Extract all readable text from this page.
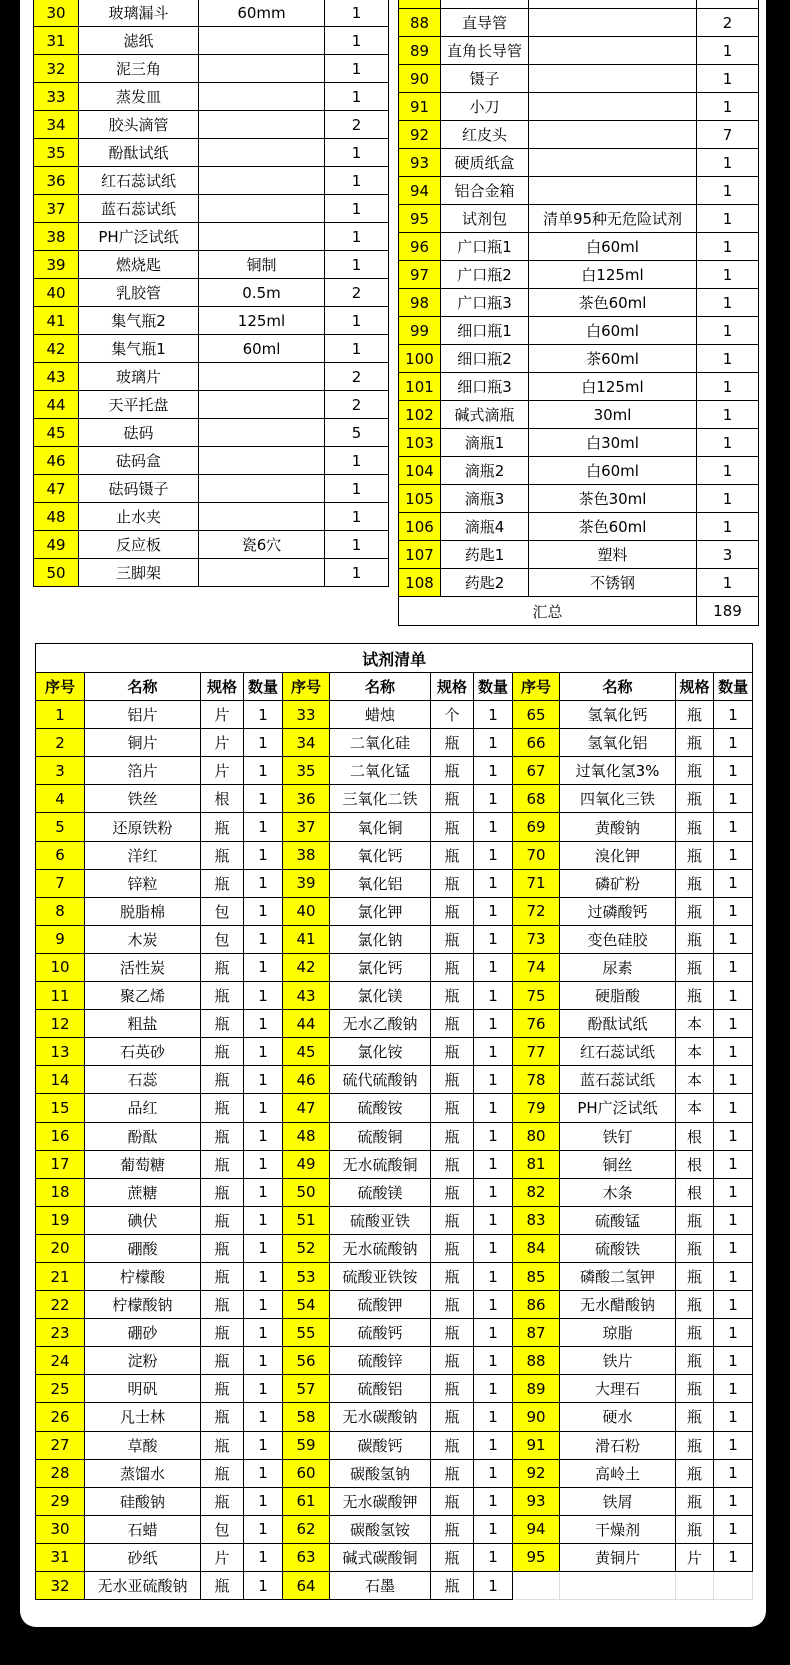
30	玻璃漏斗	60mm	1
31	滤纸		1
32	泥三角		1
33	蒸发皿		1
34	胶头滴管		2
35	酚酞试纸		1
36	红石蕊试纸		1
37	蓝石蕊试纸		1
38	PH广泛试纸		1
39	燃烧匙	铜制	1
40	乳胶管	0.5m	2
41	集气瓶2	125ml	1
42	集气瓶1	60ml	1
43	玻璃片		2
44	天平托盘		2
45	砝码		5
46	砝码盒		1
47	砝码镊子		1
48	止水夹		1
49	反应板	瓷6穴	1
50	三脚架		1

88	直导管		2
89	直角长导管		1
90	镊子		1
91	小刀		1
92	红皮头		7
93	硬质纸盒		1
94	铝合金箱		1
95	试剂包	清单95种无危险试剂	1
96	广口瓶1	白60ml	1
97	广口瓶2	白125ml	1
98	广口瓶3	茶色60ml	1
99	细口瓶1	白60ml	1
100	细口瓶2	茶60ml	1
101	细口瓶3	白125ml	1
102	碱式滴瓶	30ml	1
103	滴瓶1	白30ml	1
104	滴瓶2	白60ml	1
105	滴瓶3	茶色30ml	1
106	滴瓶4	茶色60ml	1
107	药匙1	塑料	3
108	药匙2	不锈钢	1
汇总			189
试剂清单											
序号	名称	规格	数量	序号	名称	规格	数量	序号	名称	规格	数量
1	铝片	片	1	33	蜡烛	个	1	65	氢氧化钙	瓶	1
2	铜片	片	1	34	二氧化硅	瓶	1	66	氢氧化铝	瓶	1
3	箔片	片	1	35	二氧化锰	瓶	1	67	过氧化氢3%	瓶	1
4	铁丝	根	1	36	三氧化二铁	瓶	1	68	四氧化三铁	瓶	1
5	还原铁粉	瓶	1	37	氧化铜	瓶	1	69	黄酸钠	瓶	1
6	洋红	瓶	1	38	氧化钙	瓶	1	70	溴化钾	瓶	1
7	锌粒	瓶	1	39	氧化铝	瓶	1	71	磷矿粉	瓶	1
8	脱脂棉	包	1	40	氯化钾	瓶	1	72	过磷酸钙	瓶	1
9	木炭	包	1	41	氯化钠	瓶	1	73	变色硅胶	瓶	1
10	活性炭	瓶	1	42	氯化钙	瓶	1	74	尿素	瓶	1
11	聚乙烯	瓶	1	43	氯化镁	瓶	1	75	硬脂酸	瓶	1
12	粗盐	瓶	1	44	无水乙酸钠	瓶	1	76	酚酞试纸	本	1
13	石英砂	瓶	1	45	氯化铵	瓶	1	77	红石蕊试纸	本	1
14	石蕊	瓶	1	46	硫代硫酸钠	瓶	1	78	蓝石蕊试纸	本	1
15	品红	瓶	1	47	硫酸铵	瓶	1	79	PH广泛试纸	本	1
16	酚酞	瓶	1	48	硫酸铜	瓶	1	80	铁钉	根	1
17	葡萄糖	瓶	1	49	无水硫酸铜	瓶	1	81	铜丝	根	1
18	蔗糖	瓶	1	50	硫酸镁	瓶	1	82	木条	根	1
19	碘伏	瓶	1	51	硫酸亚铁	瓶	1	83	硫酸锰	瓶	1
20	硼酸	瓶	1	52	无水硫酸钠	瓶	1	84	硫酸铁	瓶	1
21	柠檬酸	瓶	1	53	硫酸亚铁铵	瓶	1	85	磷酸二氢钾	瓶	1
22	柠檬酸钠	瓶	1	54	硫酸钾	瓶	1	86	无水醋酸钠	瓶	1
23	硼砂	瓶	1	55	硫酸钙	瓶	1	87	琼脂	瓶	1
24	淀粉	瓶	1	56	硫酸锌	瓶	1	88	铁片	瓶	1
25	明矾	瓶	1	57	硫酸铝	瓶	1	89	大理石	瓶	1
26	凡士林	瓶	1	58	无水碳酸钠	瓶	1	90	硬水	瓶	1
27	草酸	瓶	1	59	碳酸钙	瓶	1	91	滑石粉	瓶	1
28	蒸馏水	瓶	1	60	碳酸氢钠	瓶	1	92	高岭土	瓶	1
29	硅酸钠	瓶	1	61	无水碳酸钾	瓶	1	93	铁屑	瓶	1
30	石蜡	包	1	62	碳酸氢铵	瓶	1	94	干燥剂	瓶	1
31	砂纸	片	1	63	碱式碳酸铜	瓶	1	95	黄铜片	片	1
32	无水亚硫酸钠	瓶	1	64	石墨	瓶	1				
